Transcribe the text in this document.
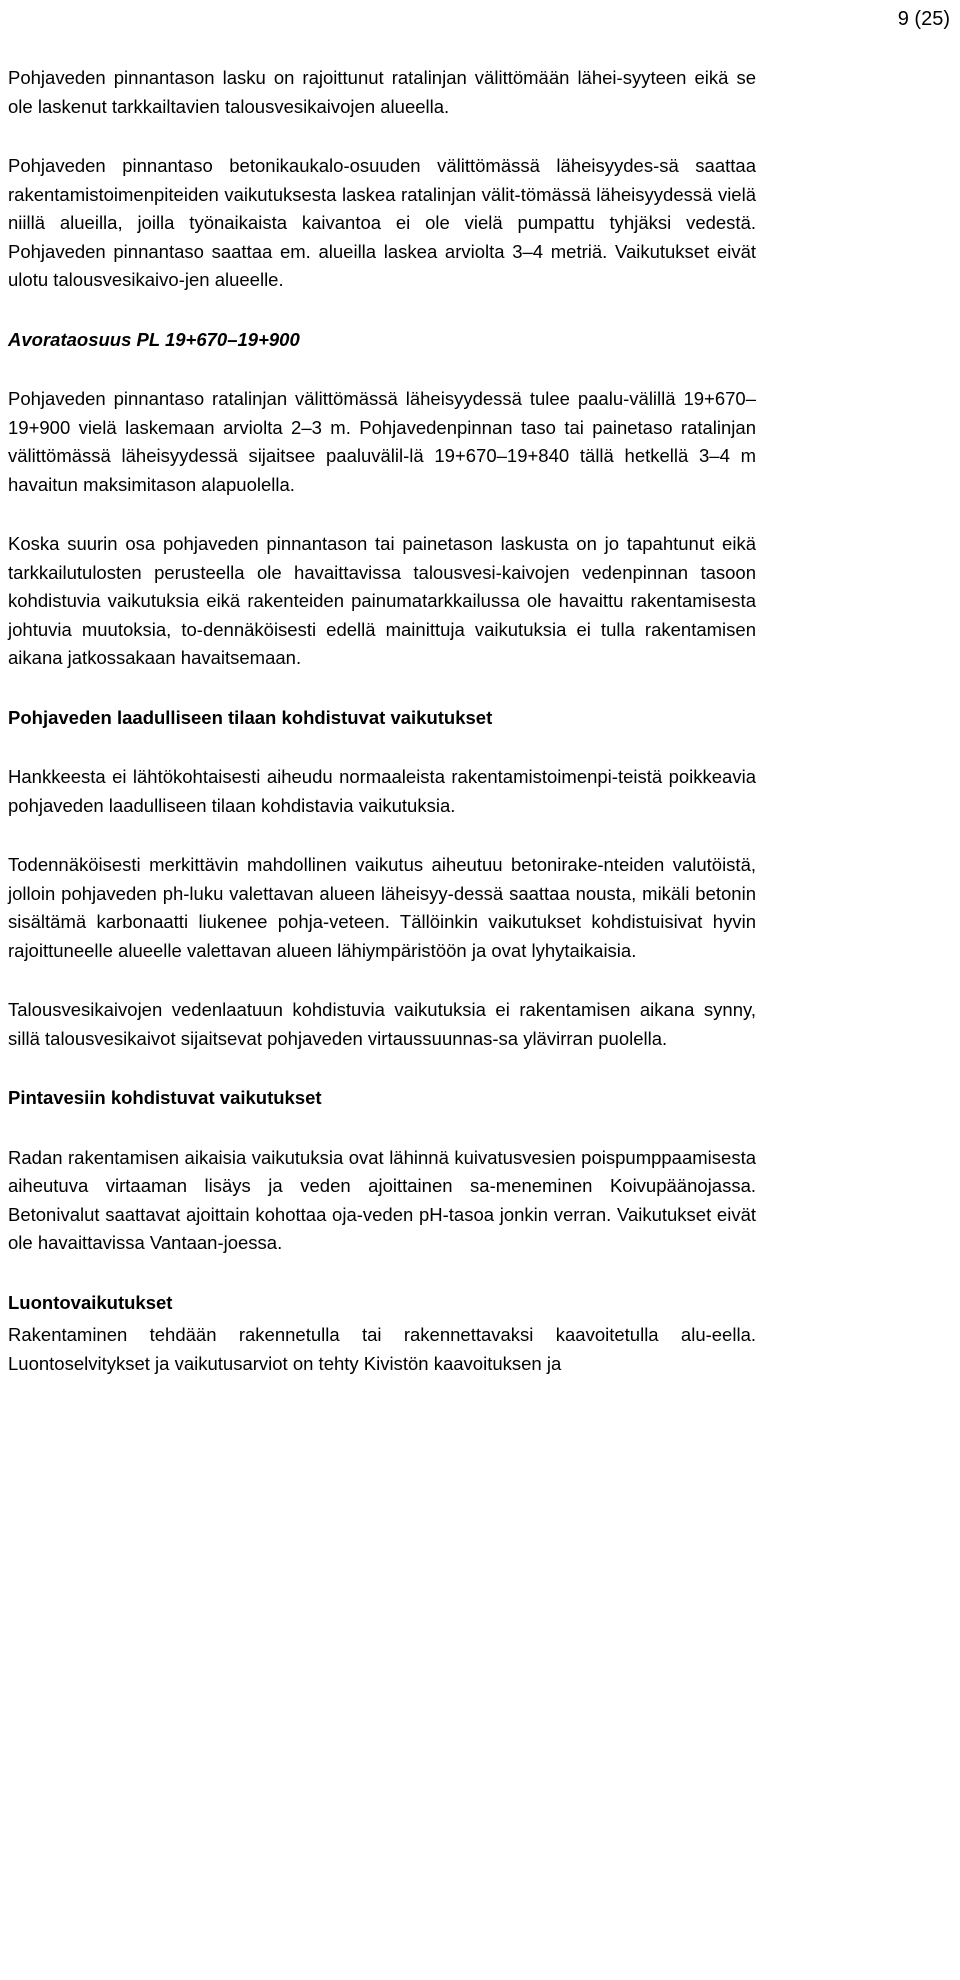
9 (25)

Pohjaveden pinnantason lasku on rajoittunut ratalinjan välittömään lähei-syyteen eikä se ole laskenut tarkkailtavien talousvesikaivojen alueella.

Pohjaveden pinnantaso betonikaukalo-osuuden välittömässä läheisyydes-sä saattaa rakentamistoimenpiteiden vaikutuksesta laskea ratalinjan välit-tömässä läheisyydessä vielä niillä alueilla, joilla työnaikaista kaivantoa ei ole vielä pumpattu tyhjäksi vedestä. Pohjaveden pinnantaso saattaa em. alueilla laskea arviolta 3–4 metriä. Vaikutukset eivät ulotu talousvesikaivo-jen alueelle.

Avorataosuus PL 19+670–19+900

Pohjaveden pinnantaso ratalinjan välittömässä läheisyydessä tulee paalu-välillä 19+670–19+900 vielä laskemaan arviolta 2–3 m. Pohjavedenpinnan taso tai painetaso ratalinjan välittömässä läheisyydessä sijaitsee paaluvälil-lä 19+670–19+840 tällä hetkellä 3–4 m havaitun maksimitason alapuolella.

Koska suurin osa pohjaveden pinnantason tai painetason laskusta on jo tapahtunut eikä tarkkailutulosten perusteella ole havaittavissa talousvesi-kaivojen vedenpinnan tasoon kohdistuvia vaikutuksia eikä rakenteiden painumatarkkailussa ole havaittu rakentamisesta johtuvia muutoksia, to-dennäköisesti edellä mainittuja vaikutuksia ei tulla rakentamisen aikana jatkossakaan havaitsemaan.

Pohjaveden laadulliseen tilaan kohdistuvat vaikutukset

Hankkeesta ei lähtökohtaisesti aiheudu normaaleista rakentamistoimenpi-teistä poikkeavia pohjaveden laadulliseen tilaan kohdistavia vaikutuksia.

Todennäköisesti merkittävin mahdollinen vaikutus aiheutuu betonirake-nteiden valutöistä, jolloin pohjaveden ph-luku valettavan alueen läheisyy-dessä saattaa nousta, mikäli betonin sisältämä karbonaatti liukenee pohja-veteen. Tällöinkin vaikutukset kohdistuisivat hyvin rajoittuneelle alueelle valettavan alueen lähiympäristöön ja ovat lyhytaikaisia.

Talousvesikaivojen vedenlaatuun kohdistuvia vaikutuksia ei rakentamisen aikana synny, sillä talousvesikaivot sijaitsevat pohjaveden virtaussuunnas-sa ylävirran puolella.

Pintavesiin kohdistuvat vaikutukset

Radan rakentamisen aikaisia vaikutuksia ovat lähinnä kuivatusvesien poispumppaamisesta aiheutuva virtaaman lisäys ja veden ajoittainen sa-meneminen Koivupäänojassa. Betonivalut saattavat ajoittain kohottaa oja-veden pH-tasoa jonkin verran. Vaikutukset eivät ole havaittavissa Vantaan-joessa.

Luontovaikutukset

Rakentaminen tehdään rakennetulla tai rakennettavaksi kaavoitetulla alu-eella. Luontoselvitykset ja vaikutusarviot on tehty Kivistön kaavoituksen ja
